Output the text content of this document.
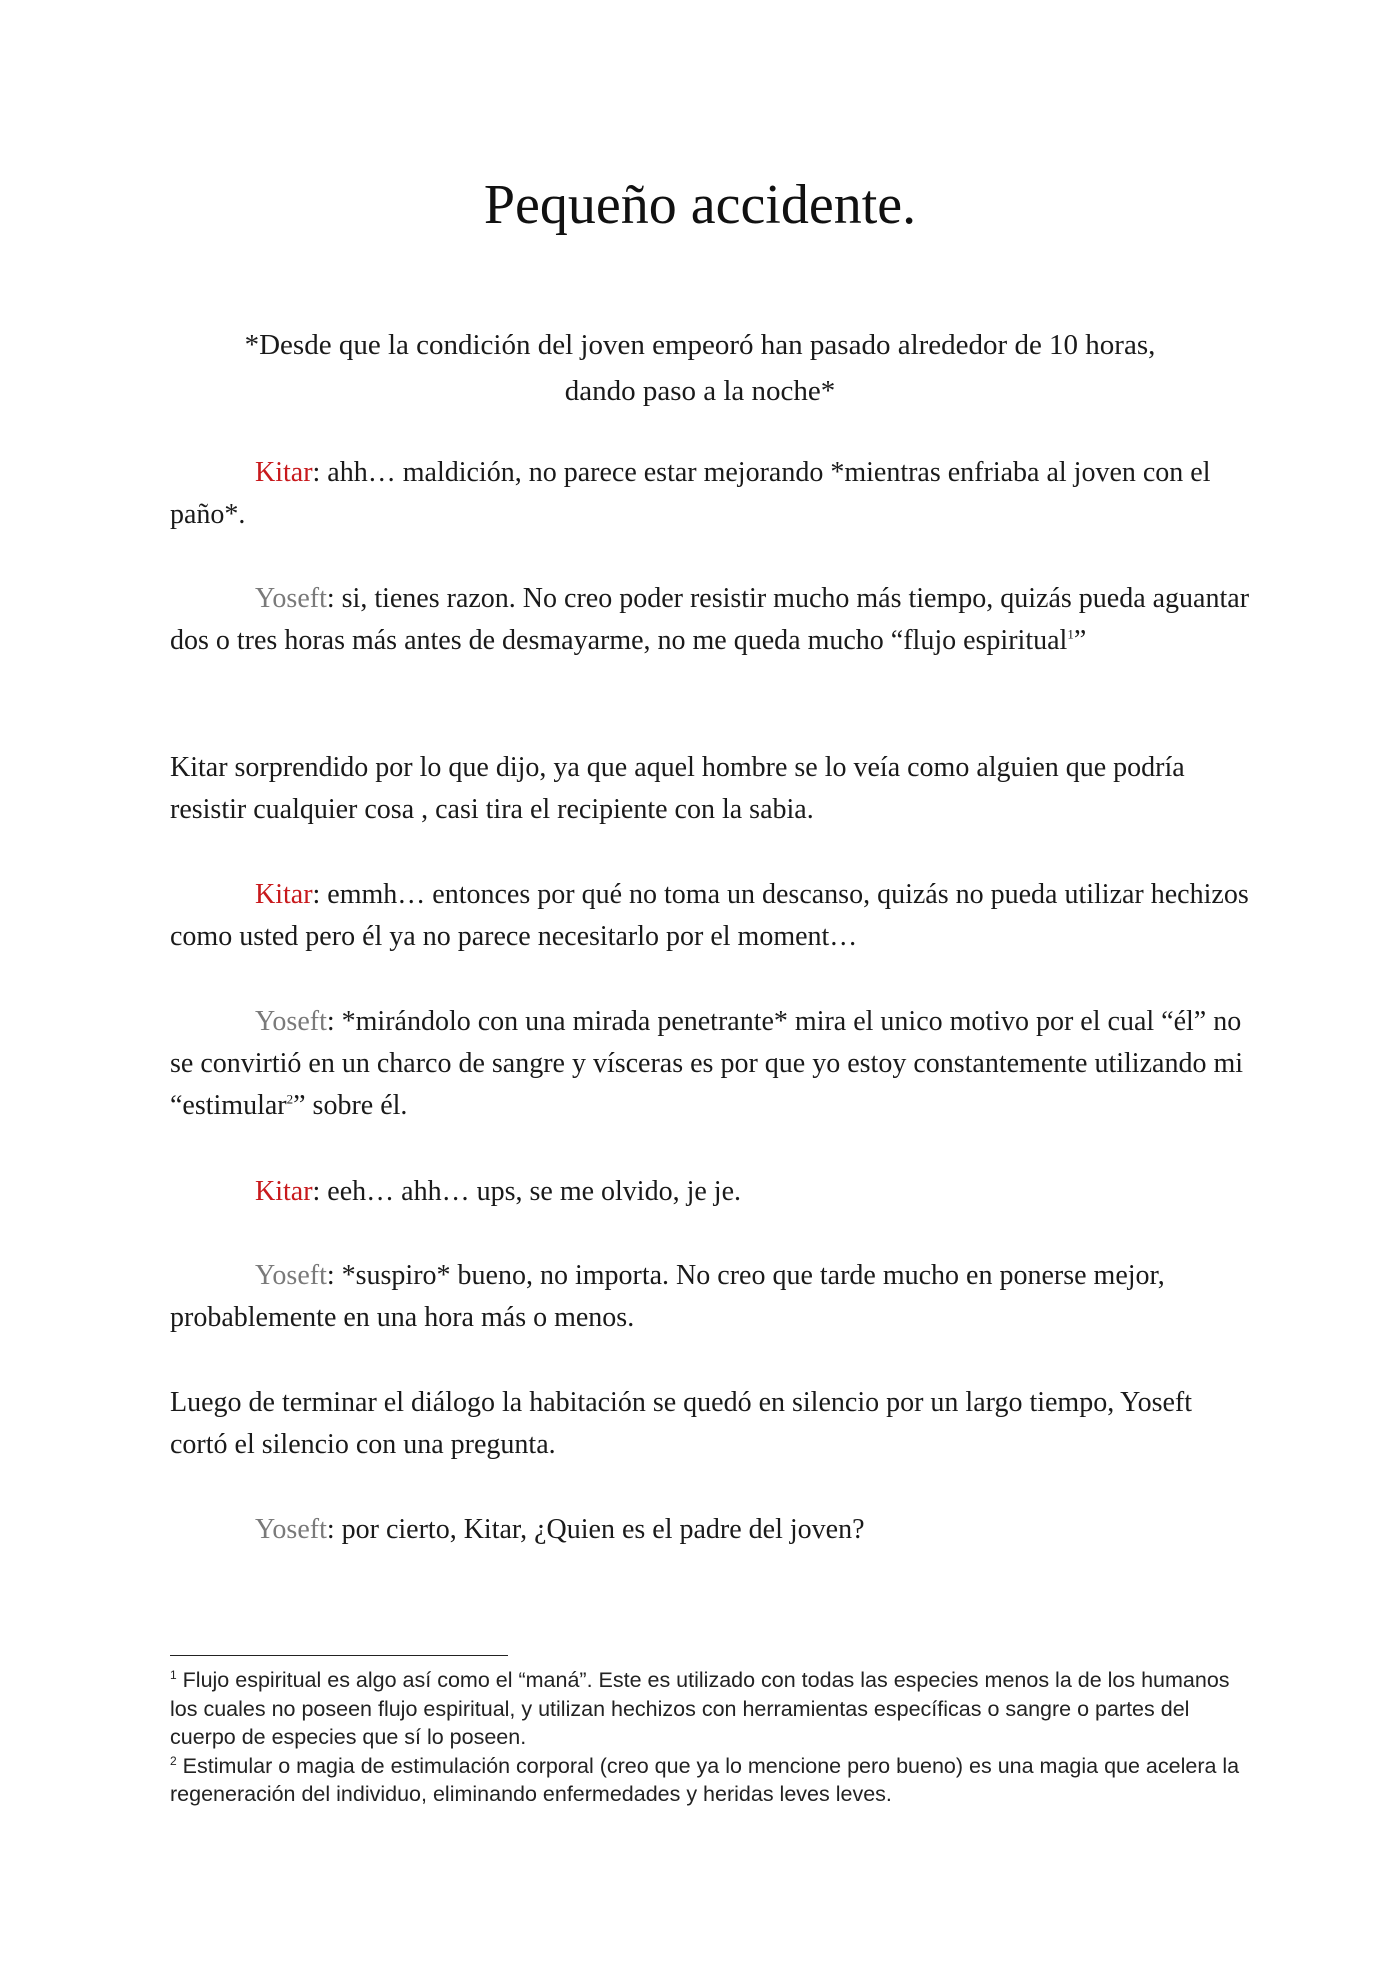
Pequeño accidente.
*Desde que la condición del joven empeoró han pasado alrededor de 10 horas,
dando paso a la noche*

Kitar: ahh… maldición, no parece estar mejorando *mientras enfriaba al joven con el paño*.

Yoseft: si, tienes razon. No creo poder resistir mucho más tiempo, quizás pueda aguantar dos o tres horas más antes de desmayarme, no me queda mucho “flujo espiritual$^1$”

Kitar sorprendido por lo que dijo, ya que aquel hombre se lo veía como alguien que podría resistir cualquier cosa , casi tira el recipiente con la sabia.

Kitar: emmh… entonces por qué no toma un descanso, quizás no pueda utilizar hechizos como usted pero él ya no parece necesitarlo por el moment…

Yoseft: *mirándolo con una mirada penetrante* mira el unico motivo por el cual “él” no se convirtió en un charco de sangre y vísceras es por que yo estoy constantemente utilizando mi “estimular$^2$” sobre él.

Kitar: eeh… ahh… ups, se me olvido, je je.

Yoseft: *suspiro* bueno, no importa. No creo que tarde mucho en ponerse mejor, probablemente en una hora más o menos.

Luego de terminar el diálogo la habitación se quedó en silencio por un largo tiempo, Yoseft cortó el silencio con una pregunta.

Yoseft: por cierto, Kitar, ¿Quien es el padre del joven?

$^1$ Flujo espiritual es algo así como el “maná”. Este es utilizado con todas las especies menos la de los humanos los cuales no poseen flujo espiritual, y utilizan hechizos con herramientas específicas o sangre o partes del cuerpo de especies que sí lo poseen.
$^2$ Estimular o magia de estimulación corporal (creo que ya lo mencione pero bueno) es una magia que acelera la regeneración del individuo, eliminando enfermedades y heridas leves leves.
